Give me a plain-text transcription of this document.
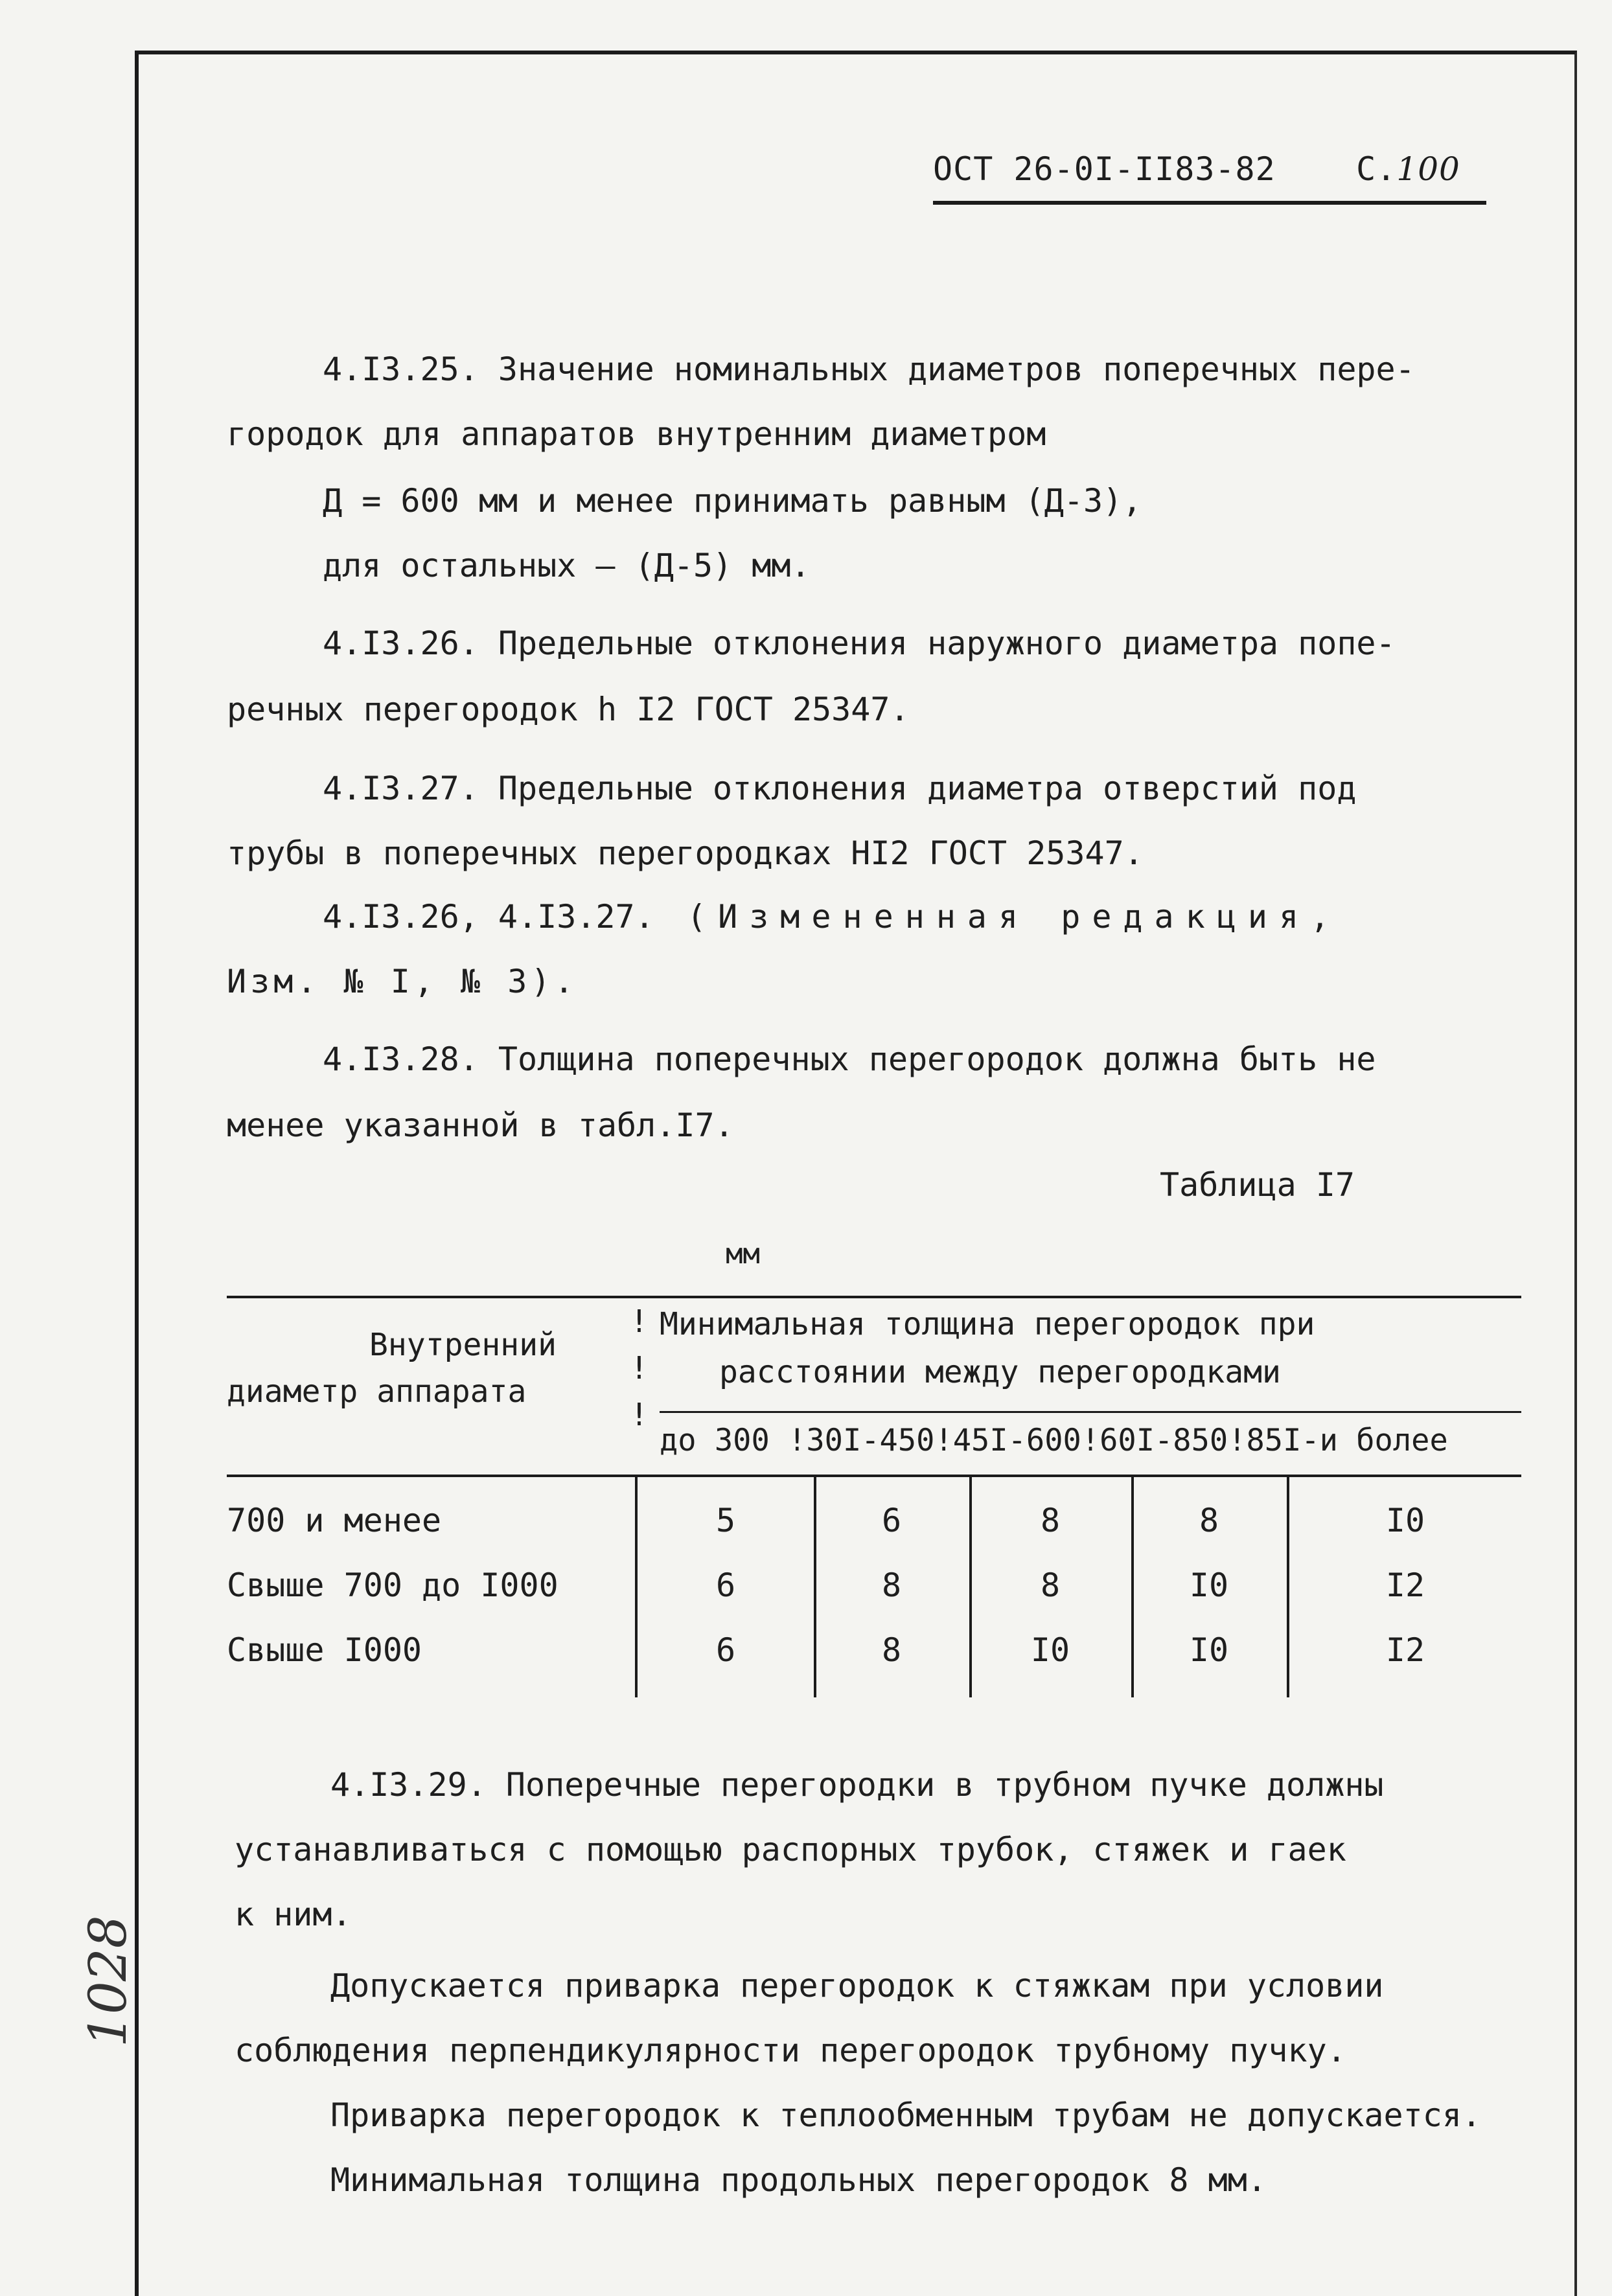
ОСТ 26-0I-II83-82 С.100
4.I3.25. Значение номинальных диаметров поперечных пере-
городок для аппаратов внутренним диаметром
Д = 600 мм и менее принимать равным (Д-3),
для остальных – (Д-5) мм.
4.I3.26. Предельные отклонения наружного диаметра попе-
речных перегородок h I2 ГОСТ 25347.
4.I3.27. Предельные отклонения диаметра отверстий под
трубы в поперечных перегородках НI2 ГОСТ 25347.
4.I3.26, 4.I3.27. (Измененная редакция,
Изм. № I, № 3).
4.I3.28. Толщина поперечных перегородок должна быть не
менее указанной в табл.I7.
Таблица I7
мм
Внутренний
диаметр аппарата
!
!
!
Минимальная толщина перегородок при
расстоянии между перегородками
до 300 !30I-450!45I-600!60I-850!85I-и более
700 и менее	5	6	8	8	I0
Свыше 700 до I000	6	8	8	I0	I2
Свыше I000	6	8	I0	I0	I2
4.I3.29. Поперечные перегородки в трубном пучке должны
устанавливаться с помощью распорных трубок, стяжек и гаек
к ним.
Допускается приварка перегородок к стяжкам при условии
соблюдения перпендикулярности перегородок трубному пучку.
Приварка перегородок к теплообменным трубам не допускается.
Минимальная толщина продольных перегородок 8 мм.
1028
